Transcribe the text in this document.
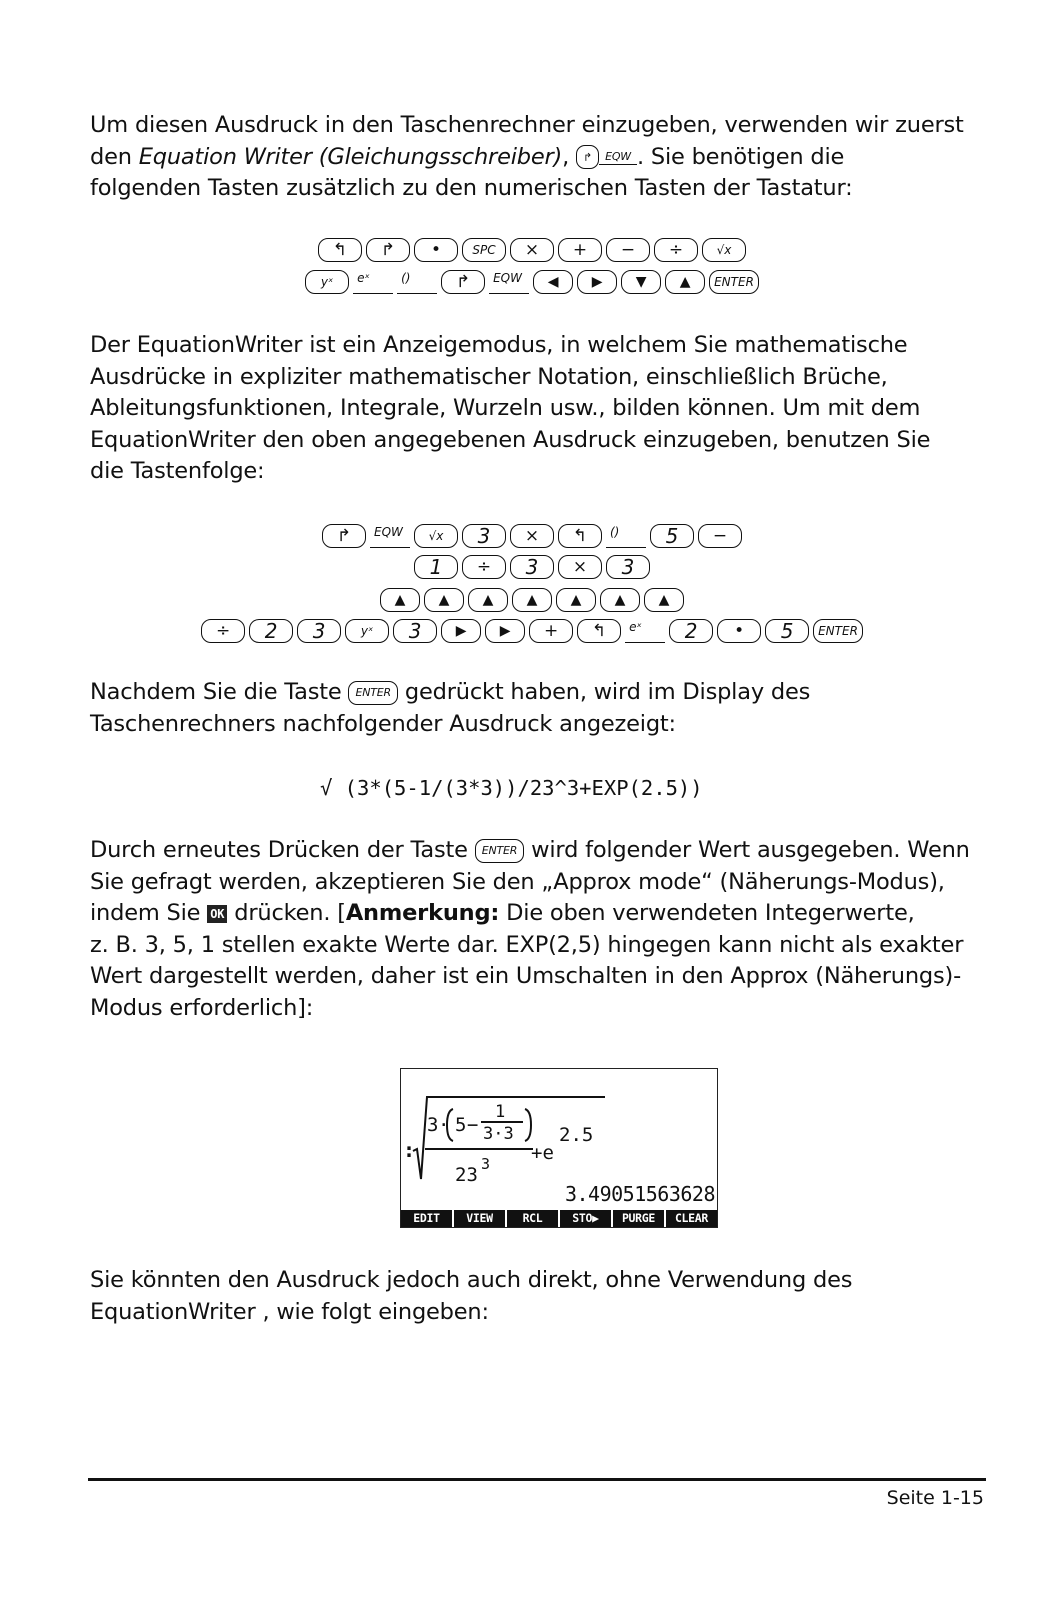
Um diesen Ausdruck in den Taschenrechner einzugeben, verwenden wir zuerst
den Equation Writer (Gleichungsschreiber), ↱ EQW . Sie benötigen die
folgenden Tasten zusätzlich zu den numerischen Tasten der Tastatur:
↰	↱	•	SPC	×	+	−	÷	√x
yˣ	eˣ	()	↱	EQW	◀	▶	▼	▲	ENTER
Der EquationWriter ist ein Anzeigemodus, in welchem Sie mathematische
Ausdrücke in expliziter mathematischer Notation, einschließlich Brüche,
Ableitungsfunktionen, Integrale, Wurzeln usw., bilden können. Um mit dem
EquationWriter den oben angegebenen Ausdruck einzugeben, benutzen Sie
die Tastenfolge:
↱	EQW	√x	3	×	↰	()	5	−
1	÷	3	×	3
▲	▲	▲	▲	▲	▲	▲
÷	2	3	yˣ	3	▶	▶	+	↰	eˣ	2	•	5	ENTER
Nachdem Sie die Taste ENTER gedrückt haben, wird im Display des
Taschenrechners nachfolgender Ausdruck angezeigt:
√ (3*(5-1/(3*3))/23^3+EXP(2.5))
Durch erneutes Drücken der Taste ENTER wird folgender Wert ausgegeben. Wenn
Sie gefragt werden, akzeptieren Sie den „Approx mode“ (Näherungs-Modus),
indem Sie OK drücken. [Anmerkung: Die oben verwendeten Integerwerte,
z. B. 3, 5, 1 stellen exakte Werte dar. EXP(2,5) hingegen kann nicht als exakter
Wert dargestellt werden, daher ist ein Umschalten in den Approx (Näherungs)-
Modus erforderlich]:
:
3 · 5 −
1
3·3
23 3 +e
2.5
3.49051563628
EDIT	VIEW	RCL	STO▶	PURGE	CLEAR
Sie könnten den Ausdruck jedoch auch direkt, ohne Verwendung des
EquationWriter , wie folgt eingeben:
Seite 1-15
